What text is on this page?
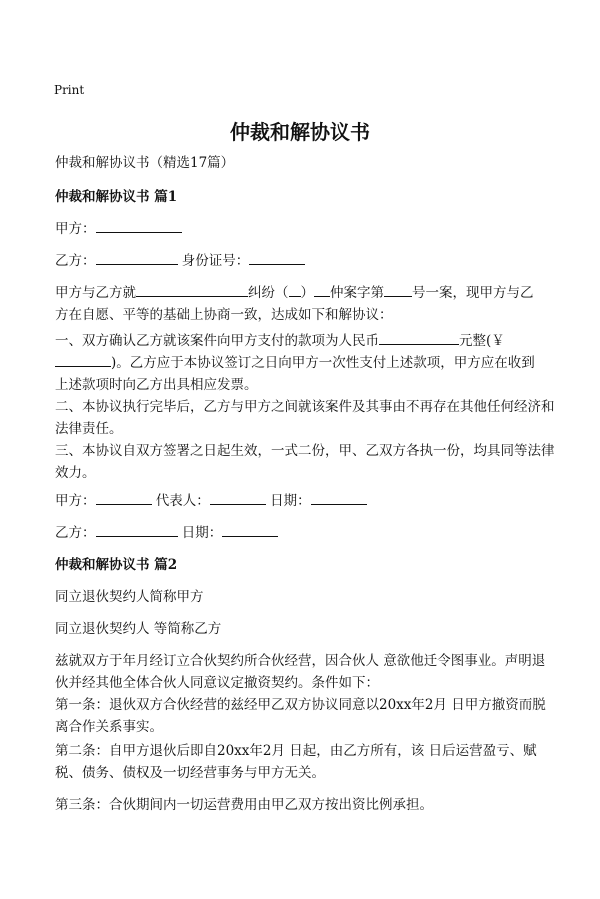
Print
仲裁和解协议书
仲裁和解协议书（精选17篇）
仲裁和解协议书 篇1
甲方：
乙方：	身份证号：
甲方与乙方就	纠纷（ ） 仲案字第 号一案，现甲方与乙
方在自愿、平等的基础上协商一致，达成如下和解协议：
一、双方确认乙方就该案件向甲方支付的款项为人民币	元整(￥
)。乙方应于本协议签订之日向甲方一次性支付上述款项，甲方应在收到
上述款项时向乙方出具相应发票。
二、本协议执行完毕后，乙方与甲方之间就该案件及其事由不再存在其他任何经济和法律责任。
三、本协议自双方签署之日起生效，一式二份，甲、乙双方各执一份，均具同等法律效力。
甲方：	代表人：	日期：
乙方：	日期：
仲裁和解协议书 篇2
同立退伙契约人简称甲方
同立退伙契约人 等简称乙方
兹就双方于年月经订立合伙契约所合伙经营，因合伙人 意欲他迁令图事业。声明退伙并经其他全体合伙人同意议定撤资契约。条件如下：
第一条：退伙双方合伙经营的兹经甲乙双方协议同意以20xx年2月 日甲方撤资而脱离合作关系事实。
第二条：自甲方退伙后即自20xx年2月 日起，由乙方所有，该 日后运营盈亏、赋税、债务、债权及一切经营事务与甲方无关。
第三条：合伙期间内一切运营费用由甲乙双方按出资比例承担。
